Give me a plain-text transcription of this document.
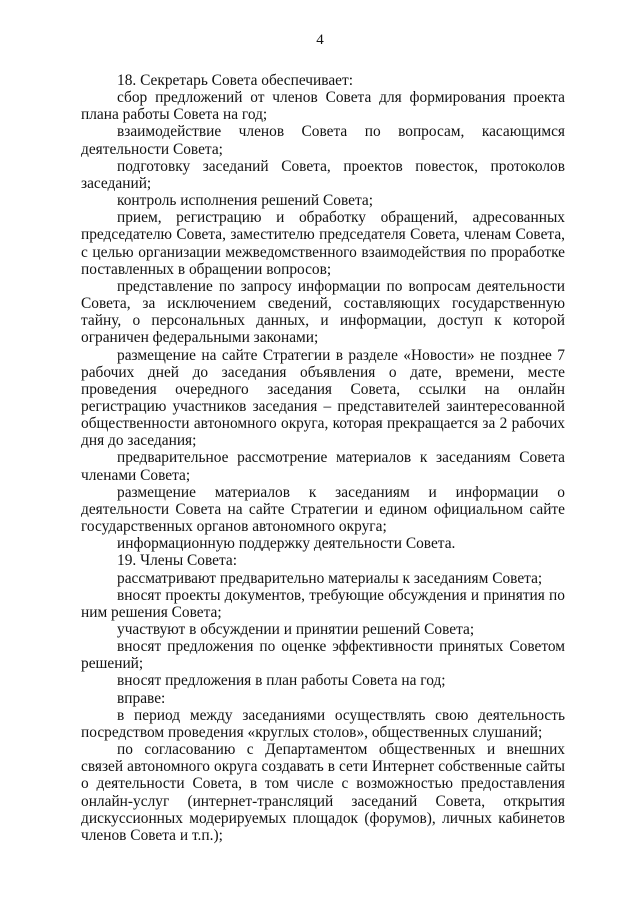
4

18. Секретарь Совета обеспечивает:

сбор предложений от членов Совета для формирования проекта плана работы Совета на год;

взаимодействие членов Совета по вопросам, касающимся деятельности Совета;

подготовку заседаний Совета, проектов повесток, протоколов заседаний;

контроль исполнения решений Совета;

прием, регистрацию и обработку обращений, адресованных председателю Совета, заместителю председателя Совета, членам Совета, с целью организации межведомственного взаимодействия по проработке поставленных в обращении вопросов;

представление по запросу информации по вопросам деятельности Совета, за исключением сведений, составляющих государственную тайну, о персональных данных, и информации, доступ к которой ограничен федеральными законами;

размещение на сайте Стратегии в разделе «Новости» не позднее 7 рабочих дней до заседания объявления о дате, времени, месте проведения очередного заседания Совета, ссылки на онлайн регистрацию участников заседания – представителей заинтересованной общественности автономного округа, которая прекращается за 2 рабочих дня до заседания;

предварительное рассмотрение материалов к заседаниям Совета членами Совета;

размещение материалов к заседаниям и информации о деятельности Совета на сайте Стратегии и едином официальном сайте государственных органов автономного округа;

информационную поддержку деятельности Совета.

19. Члены Совета:

рассматривают предварительно материалы к заседаниям Совета;

вносят проекты документов, требующие обсуждения и принятия по ним решения Совета;

участвуют в обсуждении и принятии решений Совета;

вносят предложения по оценке эффективности принятых Советом решений;

вносят предложения в план работы Совета на год;

вправе:

в период между заседаниями осуществлять свою деятельность посредством проведения «круглых столов», общественных слушаний;

по согласованию с Департаментом общественных и внешних связей автономного округа создавать в сети Интернет собственные сайты о деятельности Совета, в том числе с возможностью предоставления онлайн-услуг (интернет-трансляций заседаний Совета, открытия дискуссионных модерируемых площадок (форумов), личных кабинетов членов Совета и т.п.);
